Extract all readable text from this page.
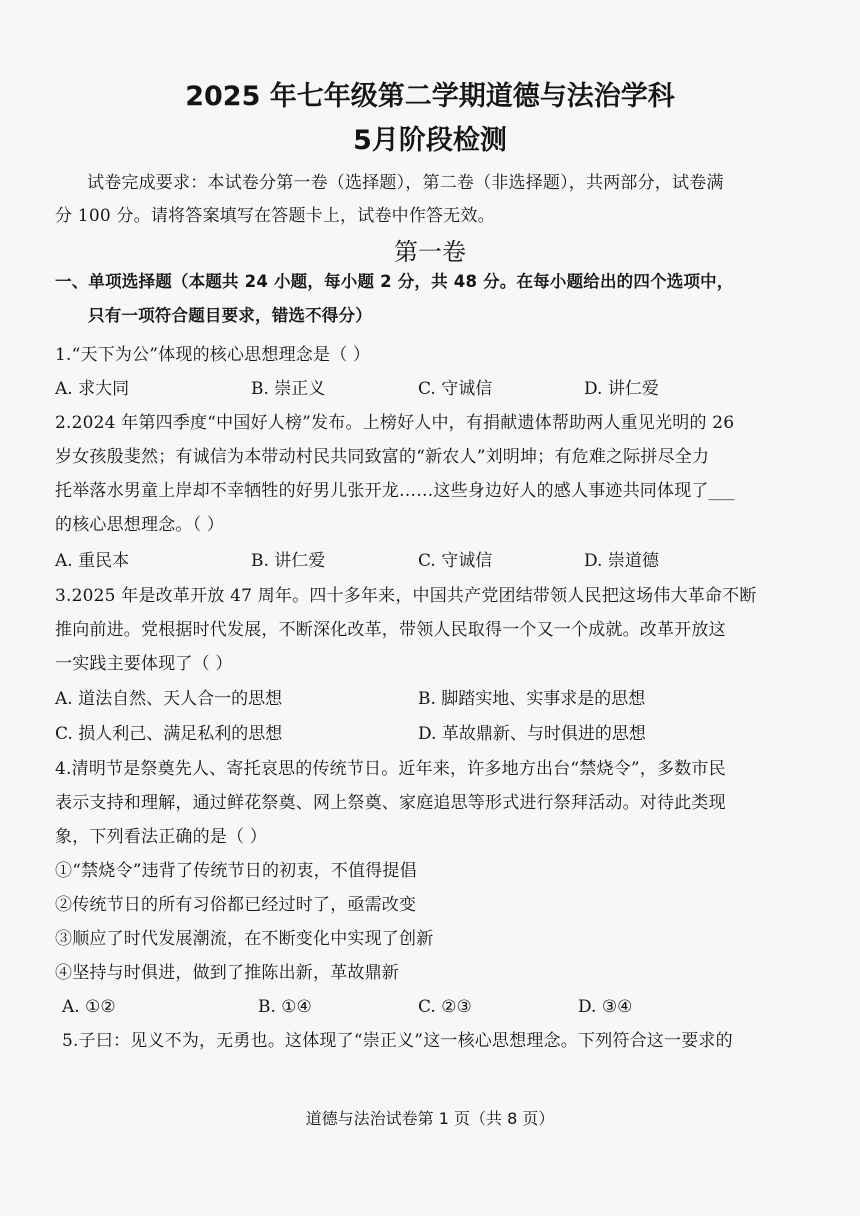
2025 年七年级第二学期道德与法治学科
5月阶段检测
试卷完成要求：本试卷分第一卷（选择题），第二卷（非选择题），共两部分，试卷满
分 100 分。请将答案填写在答题卡上，试卷中作答无效。
第一卷
一、单项选择题（本题共 24 小题，每小题 2 分，共 48 分。在每小题给出的四个选项中，
只有一项符合题目要求，错选不得分）
1.“天下为公”体现的核心思想理念是（ ）
A. 求大同	B. 崇正义	C. 守诚信	D. 讲仁爱
2.2024 年第四季度“中国好人榜”发布。上榜好人中，有捐献遗体帮助两人重见光明的 26
岁女孩殷斐然；有诚信为本带动村民共同致富的“新农人”刘明坤；有危难之际拼尽全力
托举落水男童上岸却不幸牺牲的好男儿张开龙……这些身边好人的感人事迹共同体现了___
的核心思想理念。（ ）
A. 重民本	B. 讲仁爱	C. 守诚信	D. 崇道德
3.2025 年是改革开放 47 周年。四十多年来，中国共产党团结带领人民把这场伟大革命不断
推向前进。党根据时代发展，不断深化改革，带领人民取得一个又一个成就。改革开放这
一实践主要体现了（ ）
A. 道法自然、天人合一的思想	B. 脚踏实地、实事求是的思想
C. 损人利己、满足私利的思想	D. 革故鼎新、与时俱进的思想
4.清明节是祭奠先人、寄托哀思的传统节日。近年来，许多地方出台“禁烧令”，多数市民
表示支持和理解，通过鲜花祭奠、网上祭奠、家庭追思等形式进行祭拜活动。对待此类现
象，下列看法正确的是（ ）
①“禁烧令”违背了传统节日的初衷，不值得提倡
②传统节日的所有习俗都已经过时了，亟需改变
③顺应了时代发展潮流，在不断变化中实现了创新
④坚持与时俱进，做到了推陈出新，革故鼎新
A. ①②	B. ①④	C. ②③	D. ③④
5.子曰：见义不为，无勇也。这体现了“崇正义”这一核心思想理念。下列符合这一要求的
道德与法治试卷第 1 页（共 8 页）
